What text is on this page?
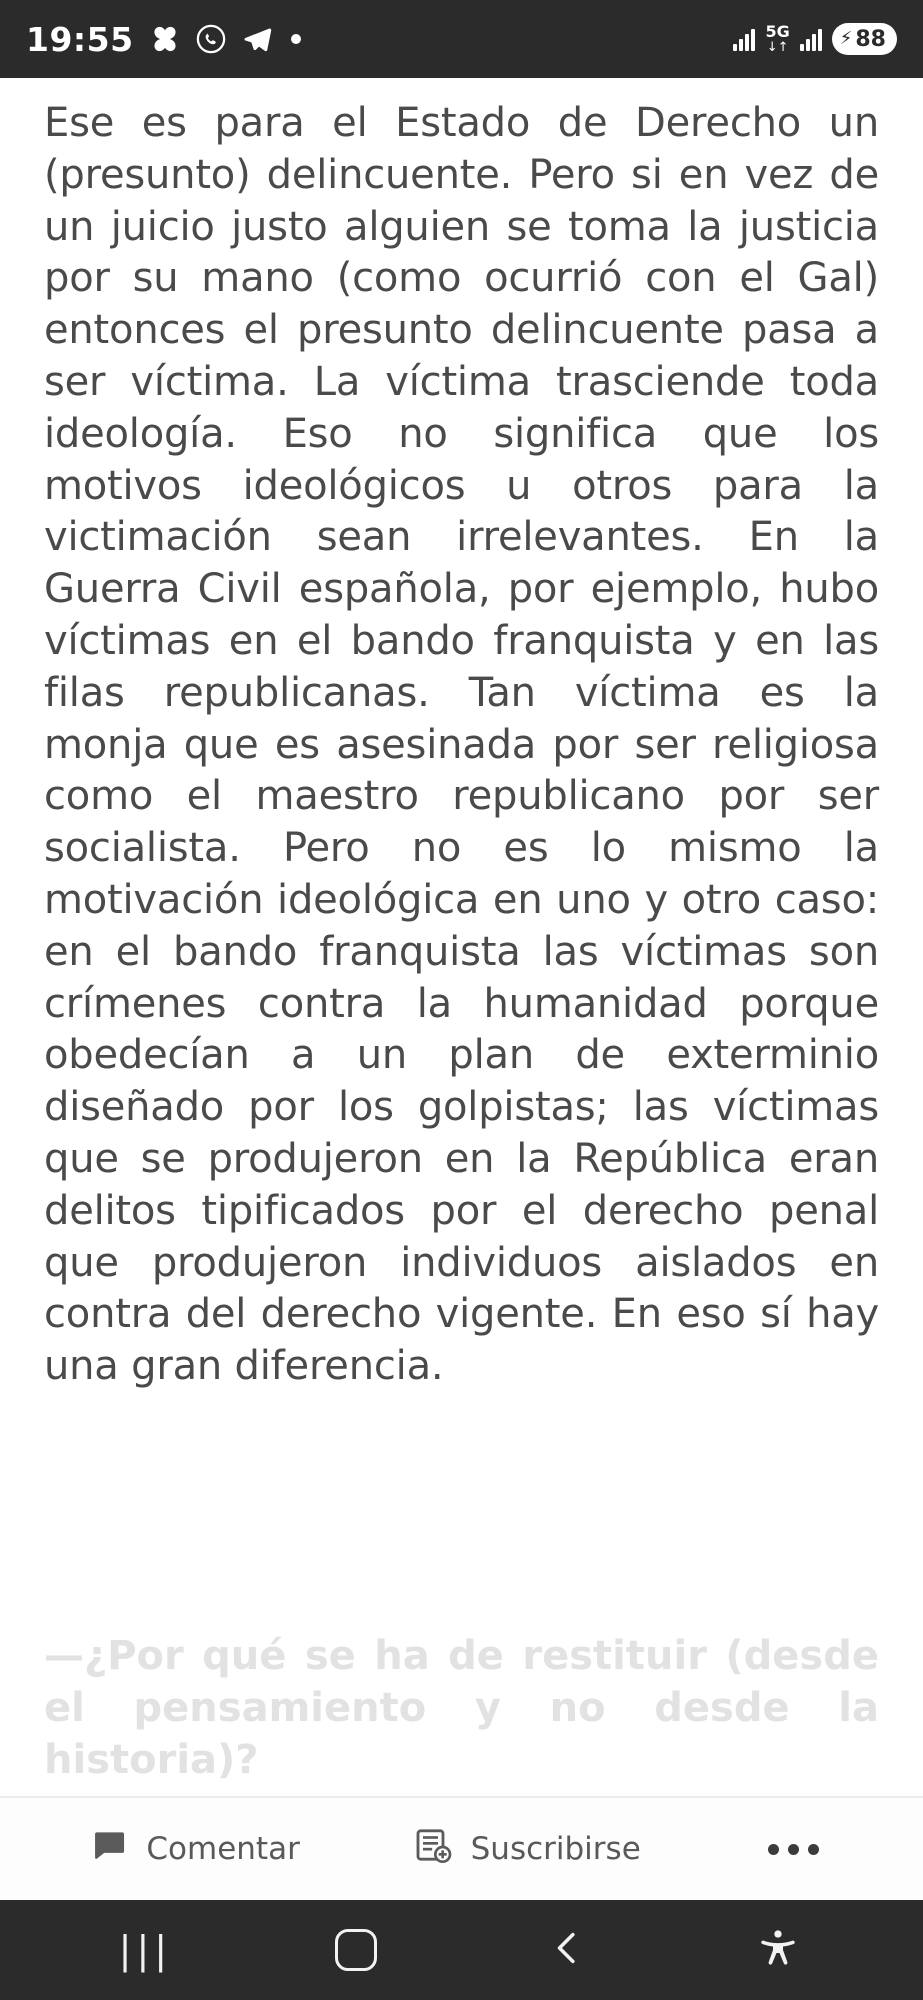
19:55	5G
↓↑	⚡ 88

Ese es para el Estado de Derecho un (presunto) delincuente. Pero si en vez de un juicio justo alguien se toma la justicia por su mano (como ocurrió con el Gal) entonces el presunto delincuente pasa a ser víctima. La víctima trasciende toda ideología. Eso no significa que los motivos ideológicos u otros para la victimación sean irrelevantes. En la Guerra Civil española, por ejemplo, hubo víctimas en el bando franquista y en las filas republicanas. Tan víctima es la monja que es asesinada por ser religiosa como el maestro republicano por ser socialista. Pero no es lo mismo la motivación ideológica en uno y otro caso: en el bando franquista las víctimas son crímenes contra la humanidad porque obedecían a un plan de exterminio diseñado por los golpistas; las víctimas que se produjeron en la República eran delitos tipificados por el derecho penal que produjeron individuos aislados en contra del derecho vigente. En eso sí hay una gran diferencia.

—¿Por qué se ha de restituir (desde el pensamiento y no desde la historia)?
Comentar	Suscribirse
|||
